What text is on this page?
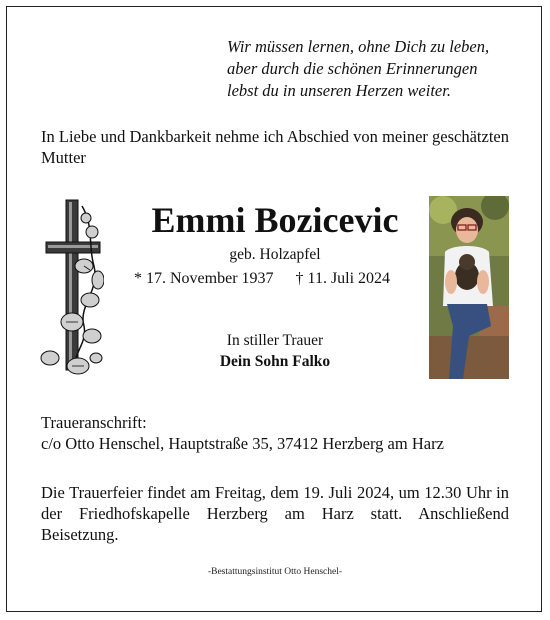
Wir müssen lernen, ohne Dich zu leben,
aber durch die schönen Erinnerungen
lebst du in unseren Herzen weiter.
In Liebe und Dankbarkeit nehme ich Abschied von meiner geschätzten Mutter
Emmi Bozicevic
geb. Holzapfel
* 17. November 1937 † 11. Juli 2024
In stiller Trauer
Dein Sohn Falko
Traueranschrift:
c/o Otto Henschel, Hauptstraße 35, 37412 Herzberg am Harz
Die Trauerfeier findet am Freitag, dem 19. Juli 2024, um 12.30 Uhr in der Friedhofskapelle Herzberg am Harz statt. Anschließend Beisetzung.
-Bestattungsinstitut Otto Henschel-
